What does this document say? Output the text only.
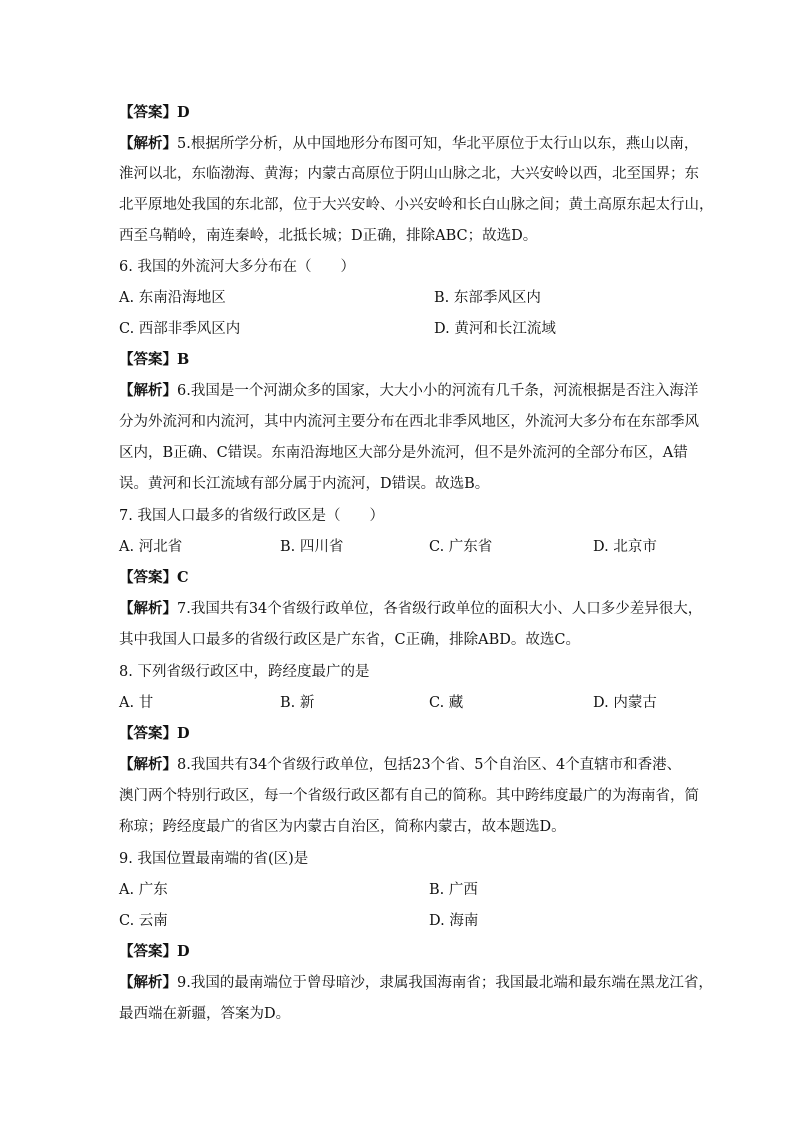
【答案】D
【解析】5.根据所学分析，从中国地形分布图可知，华北平原位于太行山以东，燕山以南，
淮河以北，东临渤海、黄海；内蒙古高原位于阴山山脉之北，大兴安岭以西，北至国界；东
北平原地处我国的东北部，位于大兴安岭、小兴安岭和长白山脉之间；黄土高原东起太行山，
西至乌鞘岭，南连秦岭，北抵长城；D正确，排除ABC；故选D。
6. 我国的外流河大多分布在（　　）
A. 东南沿海地区	B. 东部季风区内
C. 西部非季风区内	D. 黄河和长江流域
【答案】B
【解析】6.我国是一个河湖众多的国家，大大小小的河流有几千条，河流根据是否注入海洋
分为外流河和内流河，其中内流河主要分布在西北非季风地区，外流河大多分布在东部季风
区内，B正确、C错误。东南沿海地区大部分是外流河，但不是外流河的全部分布区，A错
误。黄河和长江流域有部分属于内流河，D错误。故选B。
7. 我国人口最多的省级行政区是（　　）
A. 河北省	B. 四川省	C. 广东省	D. 北京市
【答案】C
【解析】7.我国共有34个省级行政单位，各省级行政单位的面积大小、人口多少差异很大，
其中我国人口最多的省级行政区是广东省，C正确，排除ABD。故选C。
8. 下列省级行政区中，跨经度最广的是
A. 甘	B. 新	C. 藏	D. 内蒙古
【答案】D
【解析】8.我国共有34个省级行政单位，包括23个省、5个自治区、4个直辖市和香港、
澳门两个特别行政区，每一个省级行政区都有自己的简称。其中跨纬度最广的为海南省，简
称琼；跨经度最广的省区为内蒙古自治区，简称内蒙古，故本题选D。
9. 我国位置最南端的省(区)是
A. 广东	B. 广西
C. 云南	D. 海南
【答案】D
【解析】9.我国的最南端位于曾母暗沙，隶属我国海南省；我国最北端和最东端在黑龙江省，
最西端在新疆，答案为D。
